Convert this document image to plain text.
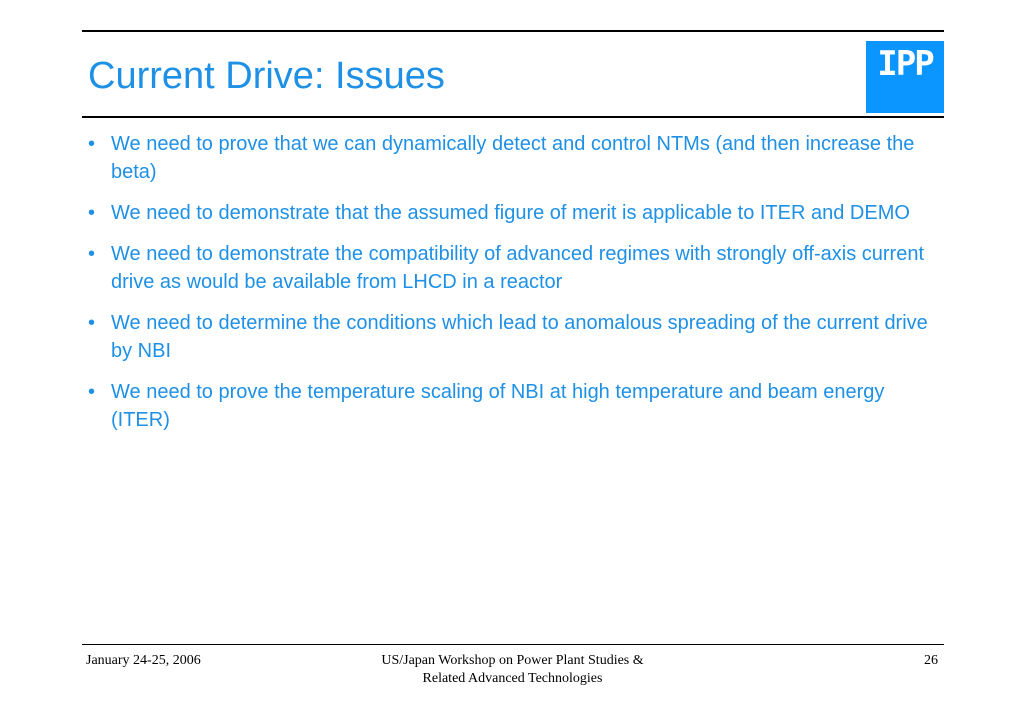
Current Drive: Issues	IPP
• We need to prove that we can dynamically detect and control NTMs (and then increase the beta)
• We need to demonstrate that the assumed figure of merit is applicable to ITER and DEMO
• We need to demonstrate the compatibility of advanced regimes with strongly off-axis current drive as would be available from LHCD in a reactor
• We need to determine the conditions which lead to anomalous spreading of the current drive by NBI
• We need to prove the temperature scaling of NBI at high temperature and beam energy (ITER)
January 24-25, 2006	US/Japan Workshop on Power Plant Studies &
Related Advanced Technologies
26
